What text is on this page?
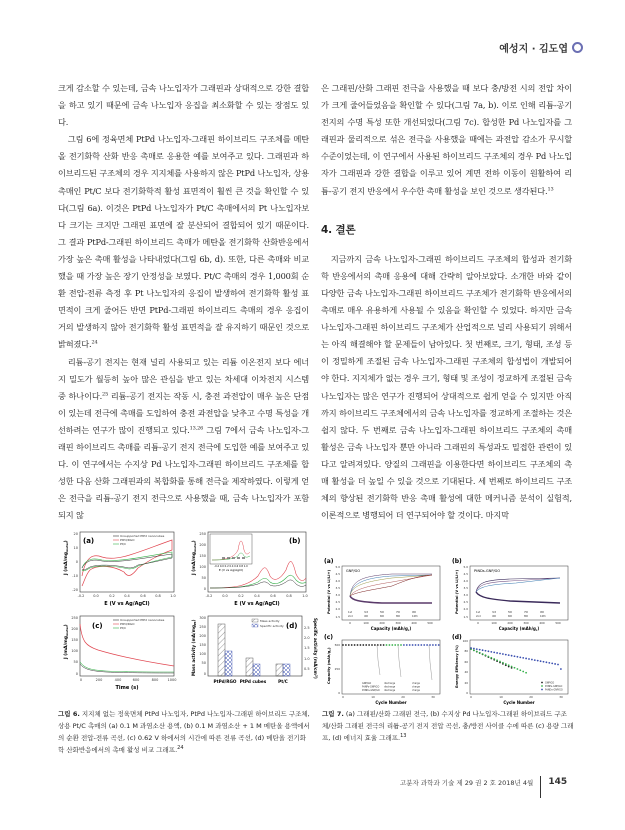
예성지 · 김도엽

크게 감소할 수 있는데, 금속 나노입자가 그래핀과 상대적으로 강한 결합을 하고 있기 때문에 금속 나노입자 응집을 최소화할 수 있는 장점도 있다.

그림 6에 정육면체 PtPd 나노입자-그래핀 하이브리드 구조체를 메탄올 전기화학 산화 반응 촉매로 응용한 예를 보여주고 있다. 그래핀과 하이브리드된 구조체의 경우 지지체를 사용하지 않은 PtPd 나노입자, 상용 촉매인 Pt/C 보다 전기화학적 활성 표면적이 훨씬 큰 것을 확인할 수 있다(그림 6a). 이것은 PtPd 나노입자가 Pt/C 촉매에서의 Pt 나노입자보다 크기는 크지만 그래핀 표면에 잘 분산되어 결합되어 있기 때문이다. 그 결과 PtPd-그래핀 하이브리드 촉매가 메탄올 전기화학 산화반응에서 가장 높은 촉매 활성을 나타내었다(그림 6b, d). 또한, 다른 촉매와 비교했을 때 가장 높은 장기 안정성을 보였다. Pt/C 촉매의 경우 1,000회 순환 전압-전류 측정 후 Pt 나노입자의 응집이 발생하여 전기화학 활성 표면적이 크게 줄어든 반면 PtPd-그래핀 하이브리드 촉매의 경우 응집이 거의 발생하지 않아 전기화학 활성 표면적을 잘 유지하기 때문인 것으로 밝혀졌다.$^{24}$

리튬-공기 전지는 현재 널리 사용되고 있는 리튬 이온전지 보다 에너지 밀도가 월등히 높아 많은 관심을 받고 있는 차세대 이차전지 시스템 중 하나이다.$^{25}$ 리튬-공기 전지는 작동 시, 충전 과전압이 매우 높은 단점이 있는데 전극에 촉매를 도입하여 충전 과전압을 낮추고 수명 특성을 개선하려는 연구가 많이 진행되고 있다.$^{13,26}$ 그림 7에서 금속 나노입자-그래핀 하이브리드 촉매를 리튬-공기 전지 전극에 도입한 예를 보여주고 있다. 이 연구에서는 수지상 Pd 나노입자-그래핀 하이브리드 구조체를 합성한 다음 산화 그래핀과의 복합화를 통해 전극을 제작하였다. 이렇게 얻은 전극을 리튬-공기 전지 전극으로 사용했을 때, 금속 나노입자가 포함되지 않

은 그래핀/산화 그래핀 전극을 사용했을 때 보다 충/방전 시의 전압 차이가 크게 줄어들었음을 확인할 수 있다(그림 7a, b). 이로 인해 리튬-공기 전지의 수명 특성 또한 개선되었다(그림 7c). 합성한 Pd 나노입자를 그래핀과 물리적으로 섞은 전극을 사용했을 때에는 과전압 감소가 무시할 수준이었는데, 이 연구에서 사용된 하이브리드 구조체의 경우 Pd 나노입자가 그래핀과 강한 결합을 이루고 있어 계면 전하 이동이 원활하여 리튬-공기 전지 반응에서 우수한 촉매 활성을 보인 것으로 생각된다.$^{13}$

4. 결론

지금까지 금속 나노입자-그래핀 하이브리드 구조체의 합성과 전기화학 반응에서의 촉매 응용에 대해 간략히 알아보았다. 소개한 바와 같이 다양한 금속 나노입자-그래핀 하이브리드 구조체가 전기화학 반응에서의 촉매로 매우 유용하게 사용될 수 있음을 확인할 수 있었다. 하지만 금속 나노입자-그래핀 하이브리드 구조체가 산업적으로 널리 사용되기 위해서는 아직 해결해야 할 문제들이 남아있다. 첫 번째로, 크기, 형태, 조성 등이 정밀하게 조절된 금속 나노입자-그래핀 구조체의 합성법이 개발되어야 한다. 지지체가 없는 경우 크기, 형태 및 조성이 정교하게 조절된 금속 나노입자는 많은 연구가 진행되어 상대적으로 쉽게 얻을 수 있지만 아직까지 하이브리드 구조체에서의 금속 나노입자를 정교하게 조절하는 것은 쉽지 않다. 두 번째로 금속 나노입자-그래핀 하이브리드 구조체의 촉매 활성은 금속 나노입자 뿐만 아니라 그래핀의 특성과도 밀접한 관련이 있다고 알려져있다. 양질의 그래핀을 이용한다면 하이브리드 구조체의 촉매 활성을 더 높일 수 있을 것으로 기대된다. 세 번째로 하이브리드 구조체의 향상된 전기화학 반응 촉매 활성에 대한 메커니즘 분석이 실험적, 이론적으로 병행되어 더 연구되어야 할 것이다. 마지막

(a)
Unsupported PtPd nanocubes
PtPd/RGO
Pt/C
20
10
0
-10
-20
-0.2	0.0	0.2	0.4	0.6	0.8	1.0
E (V vs Ag/AgCl)
J $(mA/mg_{metal})$
-0.2 0.0 0.2 0.4 0.6 0.8 1.0
E (V vs Ag/AgCl)
(b)
250
200
150
100
50
0
-0.2	0.0	0.2	0.4	0.6	0.8	1.0
E (V vs Ag/AgCl)
J $(mA/mg_{metal})$
(c)
Unsupported PtPd nanocubes
PtPd/RGO
Pt/C
250
200
150
100
50
0
0	200	400	600	800	1000
Time (s)
J $(mA/mg_{metal})$	(d)
Mass activity
Specific activity
300
250
200
150
100
50
0
2.5
2.0
1.5
1.0
0.5
PtPd/RGO PtPd cubes	Pt/C
Mass activity $(mA/mg_{Pt})$	Specific activity $(mA/cm^2)$
그림 6. 지지체 없는 정육면체 PtPd 나노입자, PtPd 나노입자-그래핀 하이브리드 구조체, 상용 Pt/C 촉매의 (a) 0.1 M 과염소산 용액, (b) 0.1 M 과염소산 + 1 M 메탄올 용액에서의 순환 전압-전류 곡선, (c) 0.62 V 하에서의 시간에 따른 전류 곡선, (d) 메탄올 전기화학 산화반응에서의 촉매 활성 비교 그래프.$^{24}$
(a)
GNP/GO
1st	3rd	5th	7th	9th
2nd	4th	6th	8th	10th
5.0
4.5
4.0
3.5
3.0
2.5
2.0
1.5
0	100	200	300	400	500
Capacity $(mAh/g_c)$
Potential (V vs Li/Li+)
(b)
PtNDs-GNP/GO
1st	3rd	5th	7th	9th
2nd	4th	6th	8th	10th
5.0
4.5
4.0
3.5
3.0
2.5
2.0
1.5
0	100	200	300	400	500
Capacity $(mAh/g_c)$
Potential (V vs Li/Li+)
(c)
GNP/GO	discharge	charge
PdNPs-GNP/GO discharge	charge
PdNDs-GNP/GO discharge	charge
500
250
0
0	10	20	30
Cycle Number
Capacity $(mAh/g_c)$
(d)
GNP/GO
PdNPs-GNP/GO
PdNDs-GNP/GO
100
80
60
40
20
0
0	10	20	30
Cycle Number
Energy Efficiency (%)
그림 7. (a) 그래핀/산화 그래핀 전극, (b) 수지상 Pd 나노입자-그래핀 하이브리드 구조체/산화 그래핀 전극의 리튬-공기 전지 전압 곡선, 충/방전 사이클 수에 따른 (c) 용량 그래프, (d) 에너지 효율 그래프.$^{13}$
고분자 과학과 기술 제 29 권 2 호 2018년 4월 145
